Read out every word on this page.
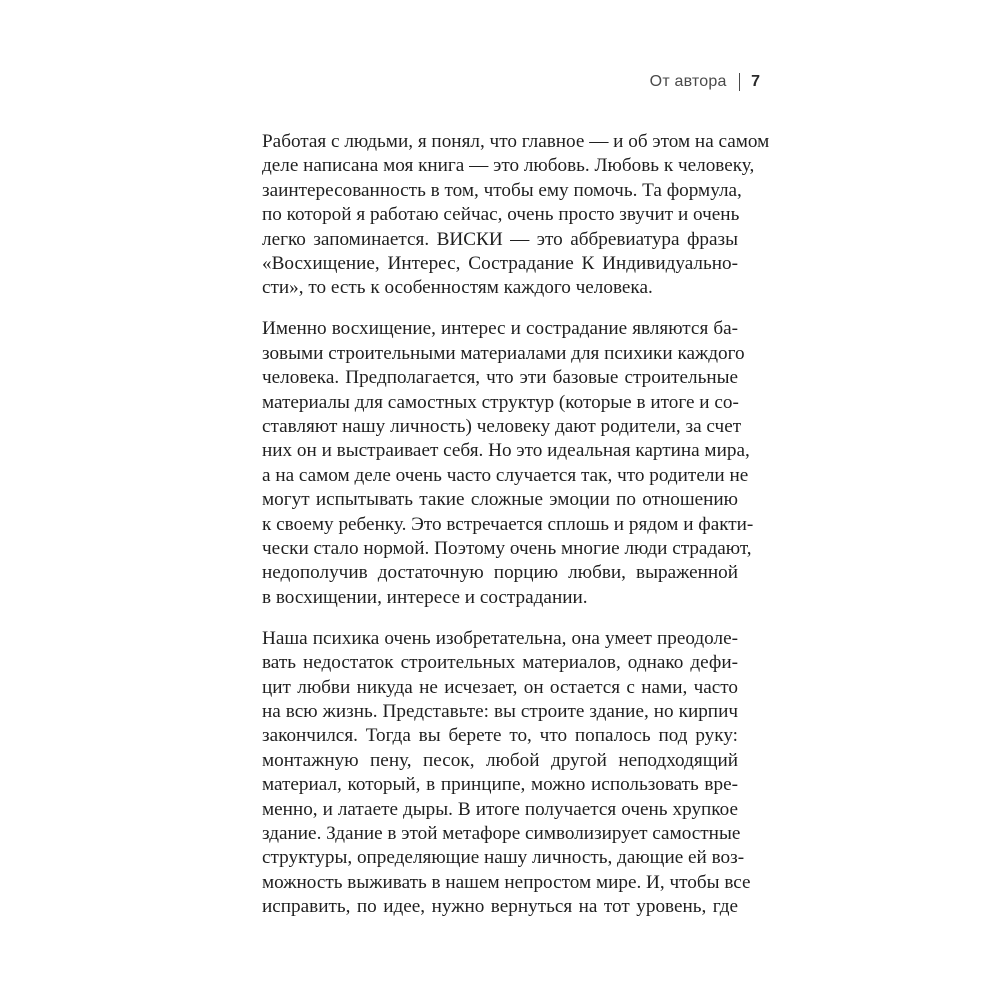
От автора 7

Работая с людьми, я понял, что главное — и об этом на самом
деле написана моя книга — это любовь. Любовь к человеку,
заинтересованность в том, чтобы ему помочь. Та формула,
по которой я работаю сейчас, очень просто звучит и очень
легко запоминается. ВИСКИ — это аббревиатура фразы
«Восхищение, Интерес, Сострадание К Индивидуально-
сти», то есть к особенностям каждого человека.

Именно восхищение, интерес и сострадание являются ба-
зовыми строительными материалами для психики каждого
человека. Предполагается, что эти базовые строительные
материалы для самостных структур (которые в итоге и со-
ставляют нашу личность) человеку дают родители, за счет
них он и выстраивает себя. Но это идеальная картина мира,
а на самом деле очень часто случается так, что родители не
могут испытывать такие сложные эмоции по отношению
к своему ребенку. Это встречается сплошь и рядом и факти-
чески стало нормой. Поэтому очень многие люди страдают,
недополучив достаточную порцию любви, выраженной
в восхищении, интересе и сострадании.

Наша психика очень изобретательна, она умеет преодоле-
вать недостаток строительных материалов, однако дефи-
цит любви никуда не исчезает, он остается с нами, часто
на всю жизнь. Представьте: вы строите здание, но кирпич
закончился. Тогда вы берете то, что попалось под руку:
монтажную пену, песок, любой другой неподходящий
материал, который, в принципе, можно использовать вре-
менно, и латаете дыры. В итоге получается очень хрупкое
здание. Здание в этой метафоре символизирует самостные
структуры, определяющие нашу личность, дающие ей воз-
можность выживать в нашем непростом мире. И, чтобы все
исправить, по идее, нужно вернуться на тот уровень, где
